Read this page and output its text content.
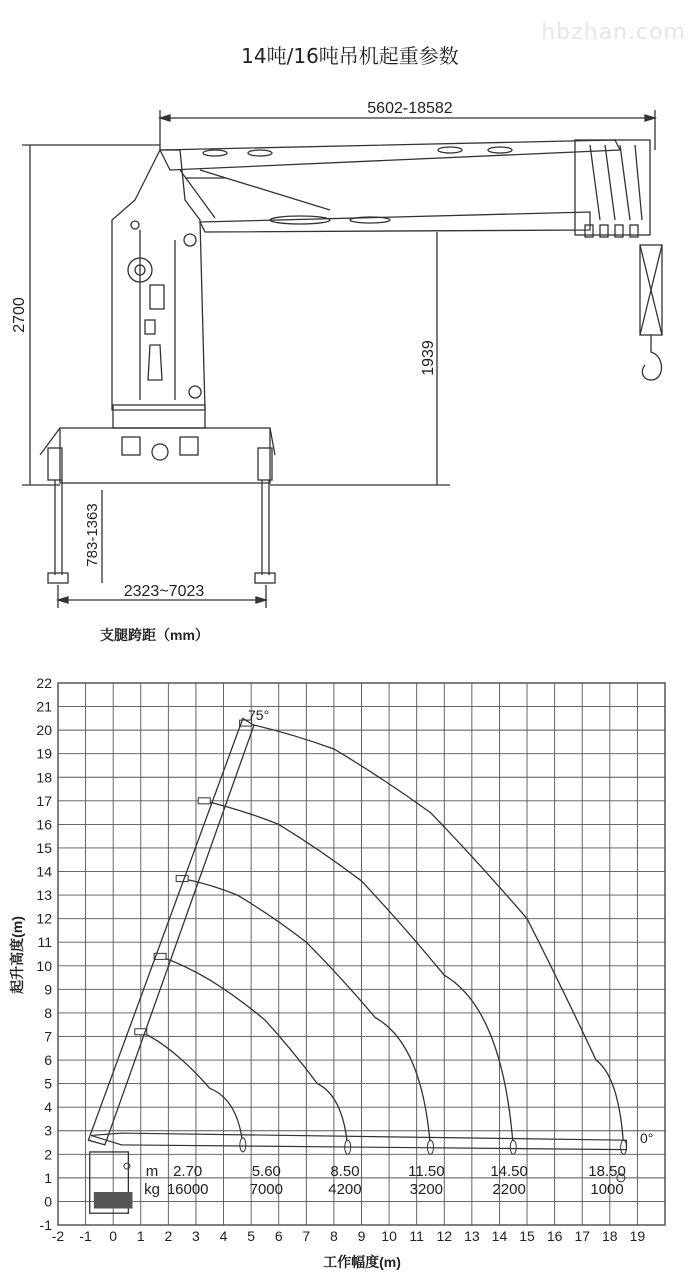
hbzhan.com
14吨/16吨吊机起重参数
5602-18582
2700
1939
783-1363
2323~7023
支腿跨距（mm）
-2 -1 0 1 2 3 4 5 6 7 8 9 10 11 12 13 14 15 16 17 18 19
-1
0
1
2
3
4
5
6
7
8
9
10
11
12
13
14
15
16
17
18
19
20
21
22
75°
0°
m
kg
2.70	5.60	8.50	11.50	14.50	18.50
16000	7000	4200	3200	2200	1000
起升高度(m)
工作幅度(m)
